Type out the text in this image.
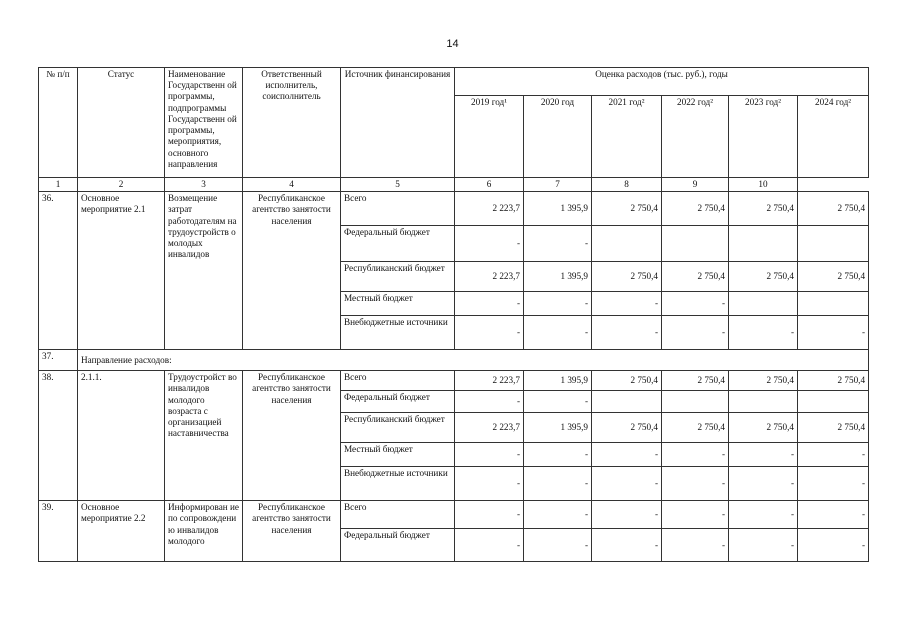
14
№ п/п	Статус	Наименование Государственн ой программы, подпрограммы Государственн ой программы, мероприятия, основного направления	Ответственный исполнитель, соисполнитель	Источник финансирования	Оценка расходов (тыс. руб.), годы					
					2019 год¹	2020 год	2021 год²	2022 год²	2023 год²	2024 год²
1	2	3	4	5	6	7	8	9	10	
36.	Основное мероприятие 2.1	Возмещение затрат работодателям на трудоустройств о молодых инвалидов	Республиканское агентство занятости населения	Всего	2 223,7	1 395,9	2 750,4	2 750,4	2 750,4	2 750,4
				Федеральный бюджет	-	-				
				Республиканский бюджет	2 223,7	1 395,9	2 750,4	2 750,4	2 750,4	2 750,4
				Местный бюджет	-	-	-	-		
				Внебюджетные источники	-	-	-	-	-	-
37.	Направление расходов:									
38.	2.1.1.	Трудоустройст во инвалидов молодого возраста с организацией наставничества	Республиканское агентство занятости населения	Всего	2 223,7	1 395,9	2 750,4	2 750,4	2 750,4	2 750,4
				Федеральный бюджет	-	-				
				Республиканский бюджет	2 223,7	1 395,9	2 750,4	2 750,4	2 750,4	2 750,4
				Местный бюджет	-	-	-	-	-	-
				Внебюджетные источники	-	-	-	-	-	-
39.	Основное мероприятие 2.2	Информирован ие по сопровождени ю инвалидов молодого	Республиканское агентство занятости населения	Всего	-	-	-	-	-	-
				Федеральный бюджет	-	-	-	-	-	-
